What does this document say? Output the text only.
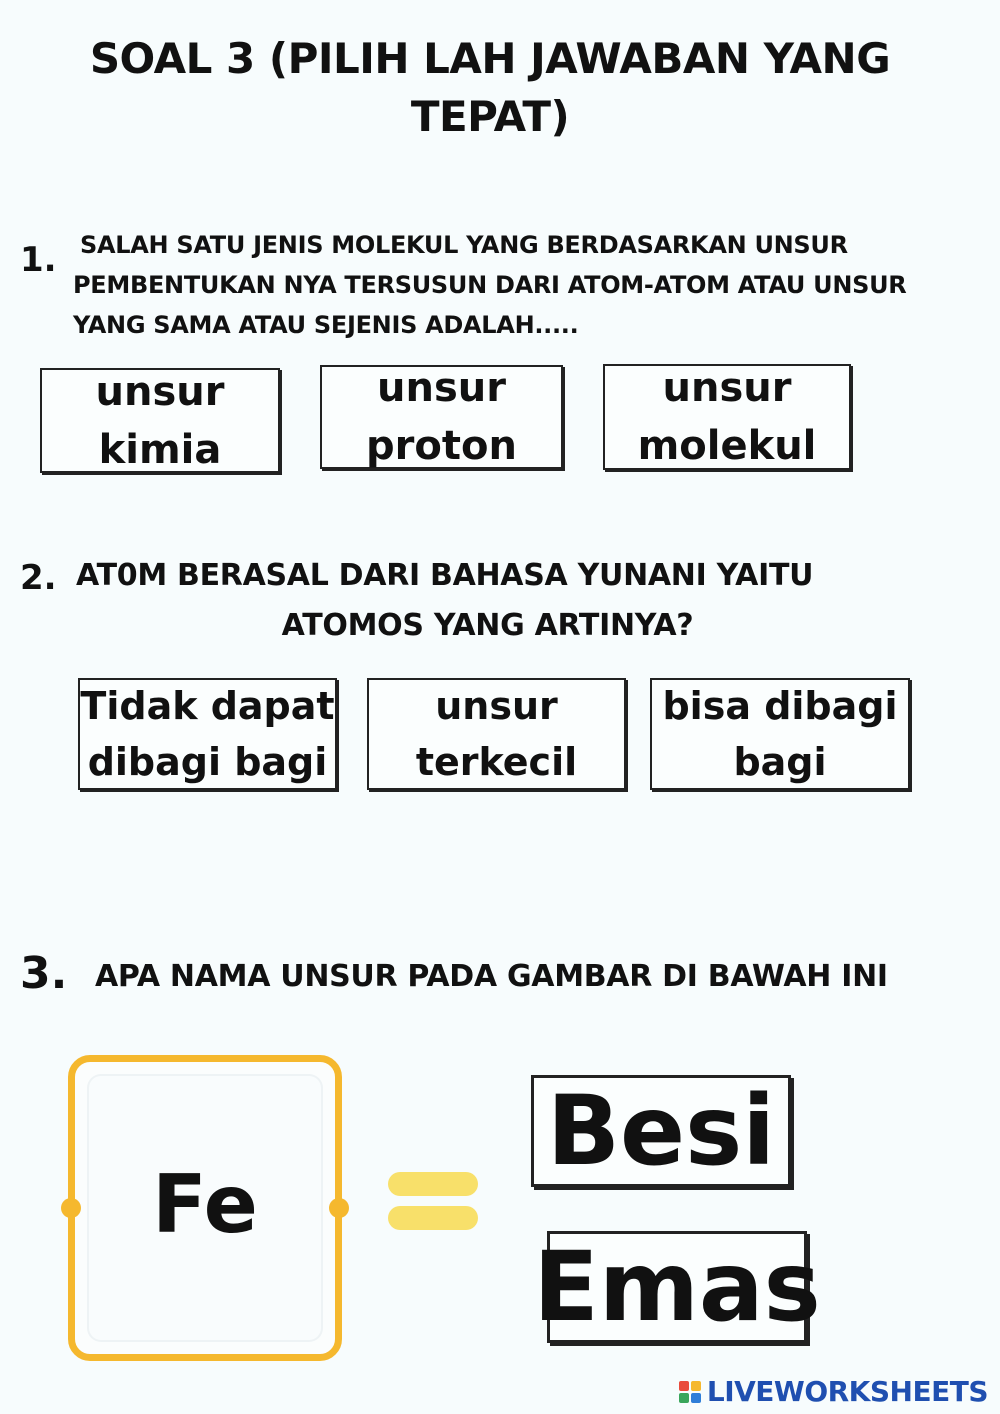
SOAL 3 (PILIH LAH JAWABAN YANG TEPAT)
1. SALAH SATU JENIS MOLEKUL YANG BERDASARKAN UNSUR
PEMBENTUKAN NYA TERSUSUN DARI ATOM-ATOM ATAU UNSUR
YANG SAMA ATAU SEJENIS ADALAH.....
unsur
kimia
unsur
proton
unsur
molekul
2. AT0M BERASAL DARI BAHASA YUNANI YAITU
ATOMOS YANG ARTINYA?
Tidak dapat
dibagi bagi
unsur
terkecil
bisa dibagi
bagi
3. APA NAMA UNSUR PADA GAMBAR DI BAWAH INI
Fe
Besi
Emas
LIVEWORKSHEETS
